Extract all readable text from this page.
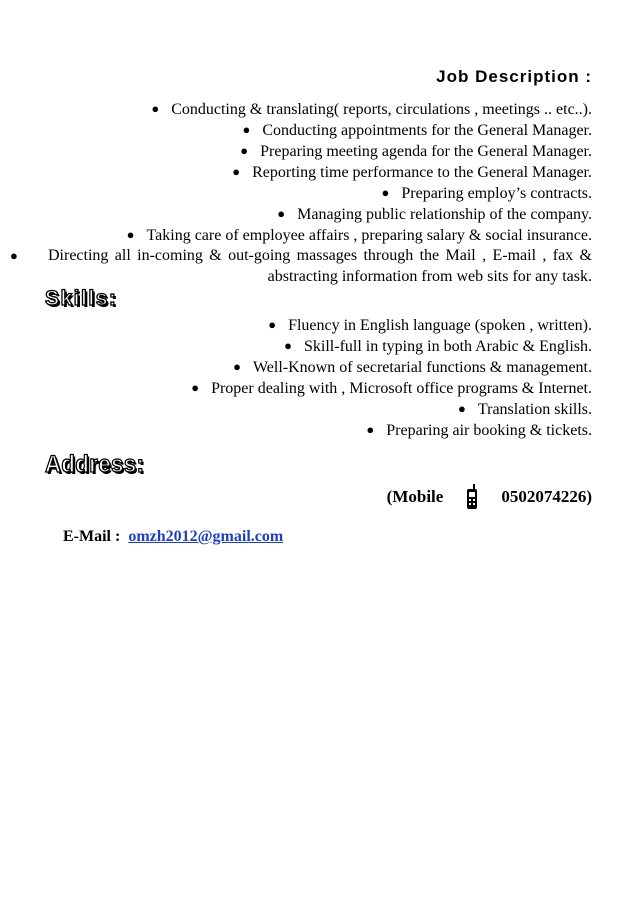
Job Description :
● Conducting & translating( reports, circulations , meetings .. etc..).
● Conducting appointments for the General Manager.
● Preparing meeting agenda for the General Manager.
● Reporting time performance to the General Manager.
● Preparing employ’s contracts.
● Managing public relationship of the company.
● Taking care of employee affairs , preparing salary & social insurance.
● Directing all in-coming & out-going massages through the Mail , E-mail , fax &
abstracting information from web sits for any task.
Skills:
● Fluency in English language (spoken , written).
● Skill-full in typing in both Arabic & English.
● Well-Known of secretarial functions & management.
● Proper dealing with , Microsoft office programs & Internet.
● Translation skills.
● Preparing air booking & tickets.
Address:
(Mobile	0502074226)
E-Mail : omzh2012@gmail.com
